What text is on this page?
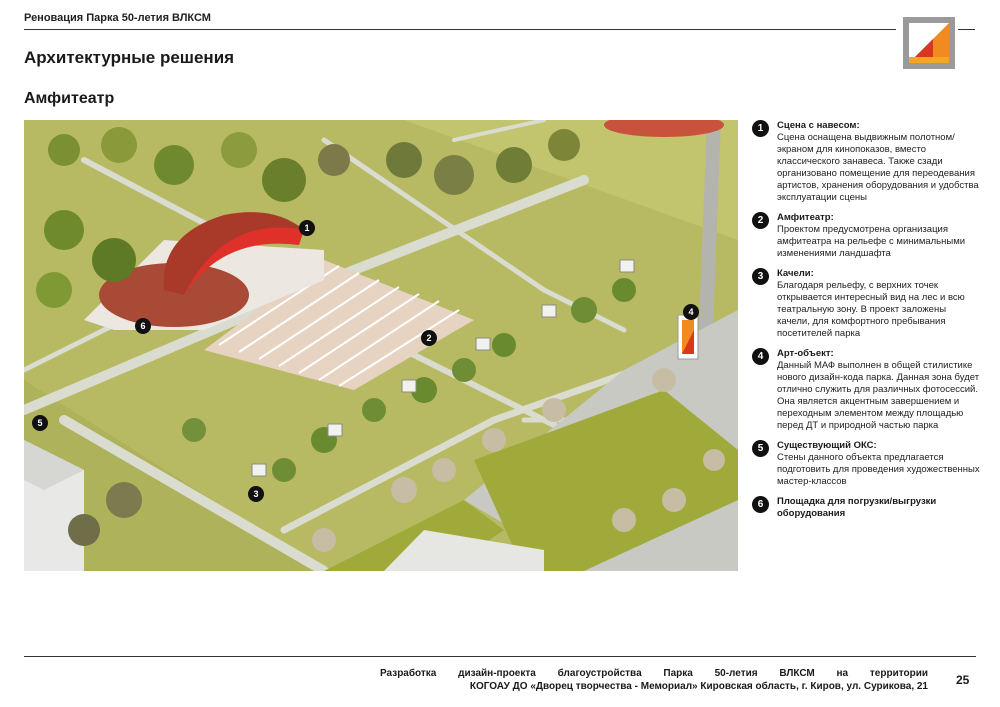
Реновация Парка 50-летия ВЛКСМ
Архитектурные решения
Амфитеатр
1
2
3
4
5
6
1	Сцена с навесом:
Сцена оснащена выдвижным полотном/ экраном для кинопоказов, вместо классического занавеса. Также сзади организовано помещение для переодевания артистов, хранения оборудования и удобства эксплуатации сцены
2	Амфитеатр:
Проектом предусмотрена организация амфитеатра на рельефе с минимальными изменениями ландшафта
3	Качели:
Благодаря рельефу, с верхних точек открывается интересный вид на лес и всю театральную зону. В проект заложены качели, для комфортного пребывания посетителей парка
4	Арт-объект:
Данный МАФ выполнен в общей стилистике нового дизайн-кода парка. Данная зона будет отлично служить для различных фотосессий. Она является акцентным завершением и переходным элементом между площадью перед ДТ и природной частью парка
5	Существующий ОКС:
Стены данного объекта предлагается подготовить для проведения художественных мастер-классов
6	Площадка для погрузки/выгрузки оборудования
Разработка дизайн-проекта благоустройства Парка 50-летия ВЛКСМ на территории
КОГОАУ ДО «Дворец творчества - Мемориал» Кировская область, г. Киров, ул. Сурикова, 21 25
